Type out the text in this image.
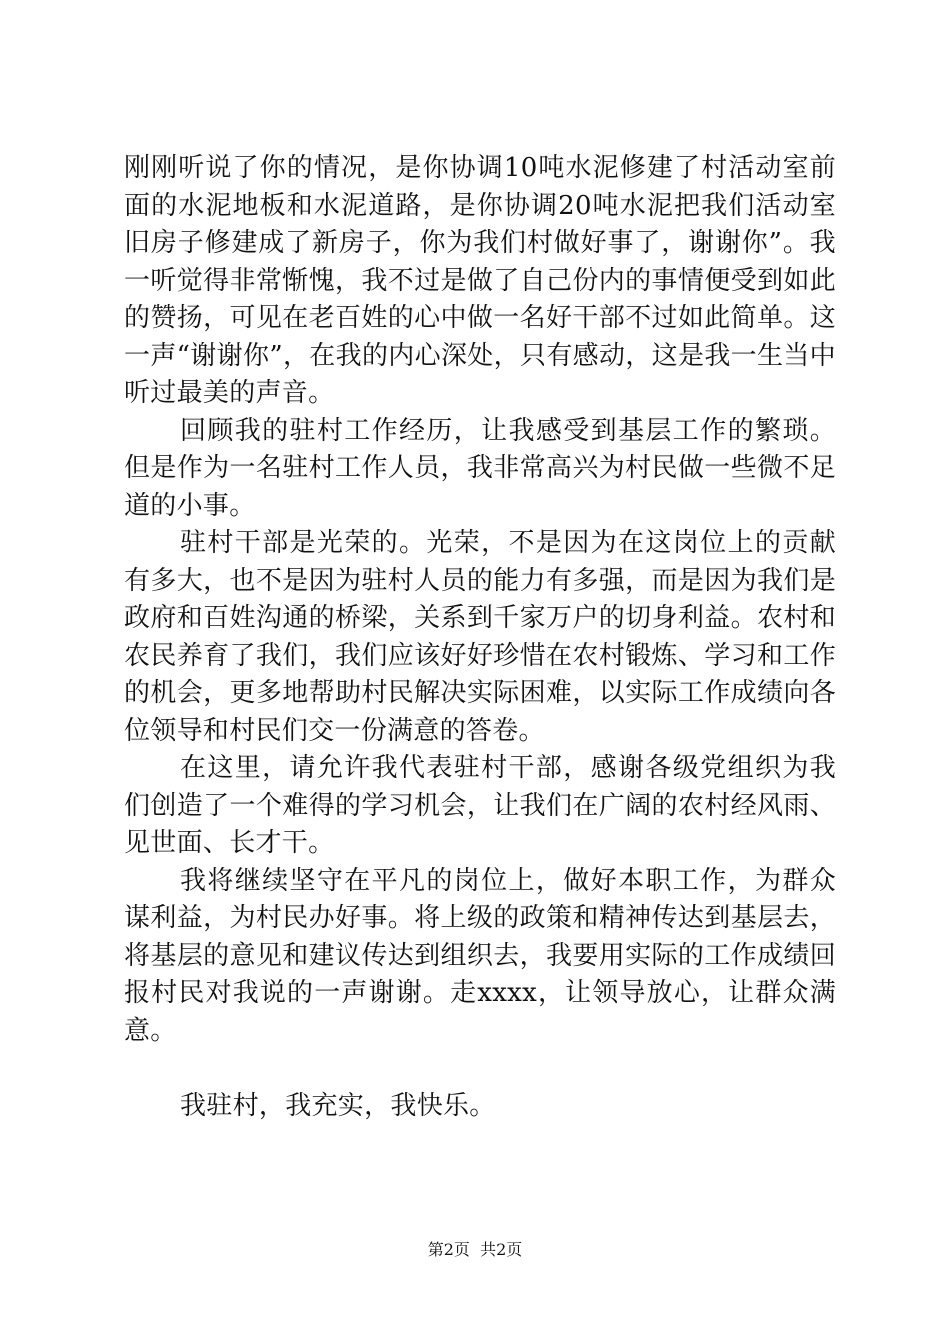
刚刚听说了你的情况，是你协调10吨水泥修建了村活动室前面的水泥地板和水泥道路，是你协调20吨水泥把我们活动室旧房子修建成了新房子，你为我们村做好事了，谢谢你”。我一听觉得非常惭愧，我不过是做了自己份内的事情便受到如此的赞扬，可见在老百姓的心中做一名好干部不过如此简单。这一声“谢谢你”，在我的内心深处，只有感动，这是我一生当中听过最美的声音。

回顾我的驻村工作经历，让我感受到基层工作的繁琐。但是作为一名驻村工作人员，我非常高兴为村民做一些微不足道的小事。

驻村干部是光荣的。光荣，不是因为在这岗位上的贡献有多大，也不是因为驻村人员的能力有多强，而是因为我们是政府和百姓沟通的桥梁，关系到千家万户的切身利益。农村和农民养育了我们，我们应该好好珍惜在农村锻炼、学习和工作的机会，更多地帮助村民解决实际困难，以实际工作成绩向各位领导和村民们交一份满意的答卷。

在这里，请允许我代表驻村干部，感谢各级党组织为我们创造了一个难得的学习机会，让我们在广阔的农村经风雨、见世面、长才干。

我将继续坚守在平凡的岗位上，做好本职工作，为群众谋利益，为村民办好事。将上级的政策和精神传达到基层去，将基层的意见和建议传达到组织去，我要用实际的工作成绩回报村民对我说的一声谢谢。走xxxx，让领导放心，让群众满意。

我驻村，我充实，我快乐。

第2页  共2页
